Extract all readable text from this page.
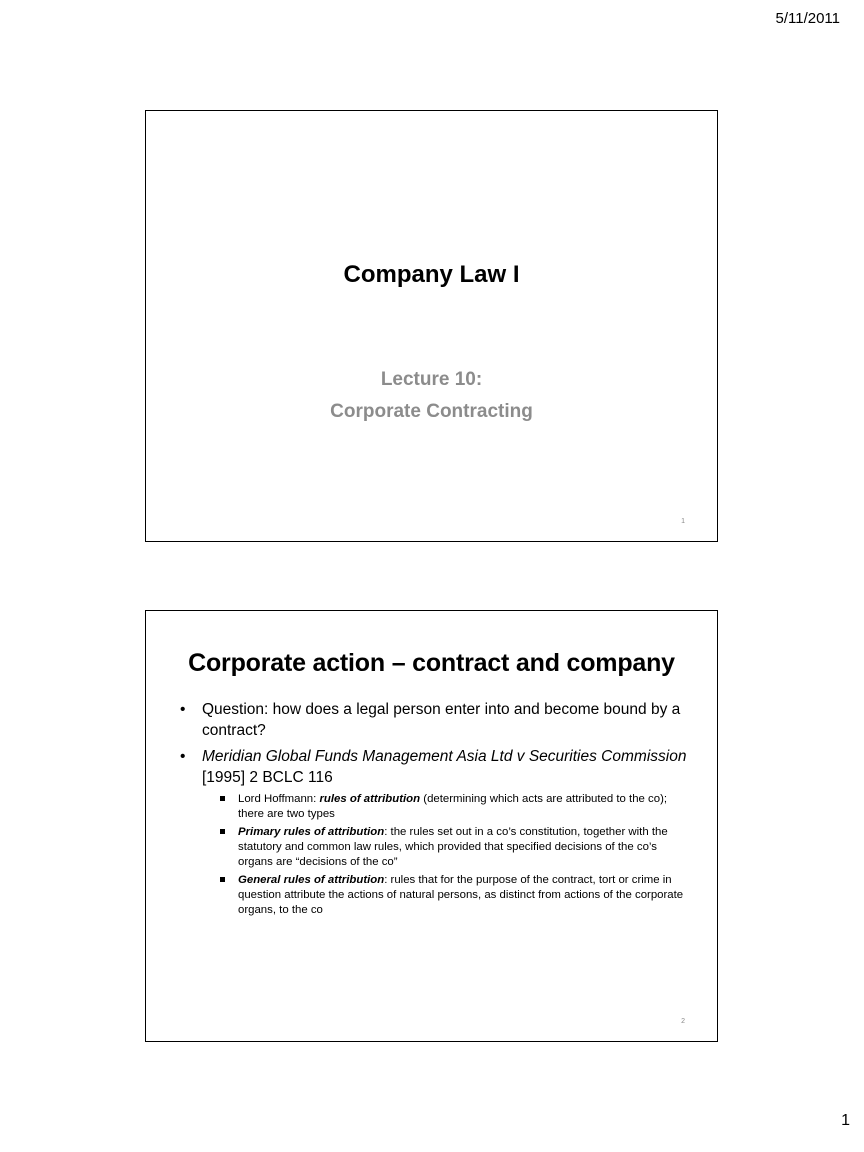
5/11/2011
Company Law I
Lecture 10:
Corporate Contracting
1
Corporate action – contract and company
• Question: how does a legal person enter into and become bound by a contract?
• Meridian Global Funds Management Asia Ltd v Securities Commission [1995] 2 BCLC 116
Lord Hoffmann: rules of attribution (determining which acts are attributed to the co); there are two types
Primary rules of attribution: the rules set out in a co’s constitution, together with the statutory and common law rules, which provided that specified decisions of the co’s organs are “decisions of the co”
General rules of attribution: rules that for the purpose of the contract, tort or crime in question attribute the actions of natural persons, as distinct from actions of the corporate organs, to the co
2
1
